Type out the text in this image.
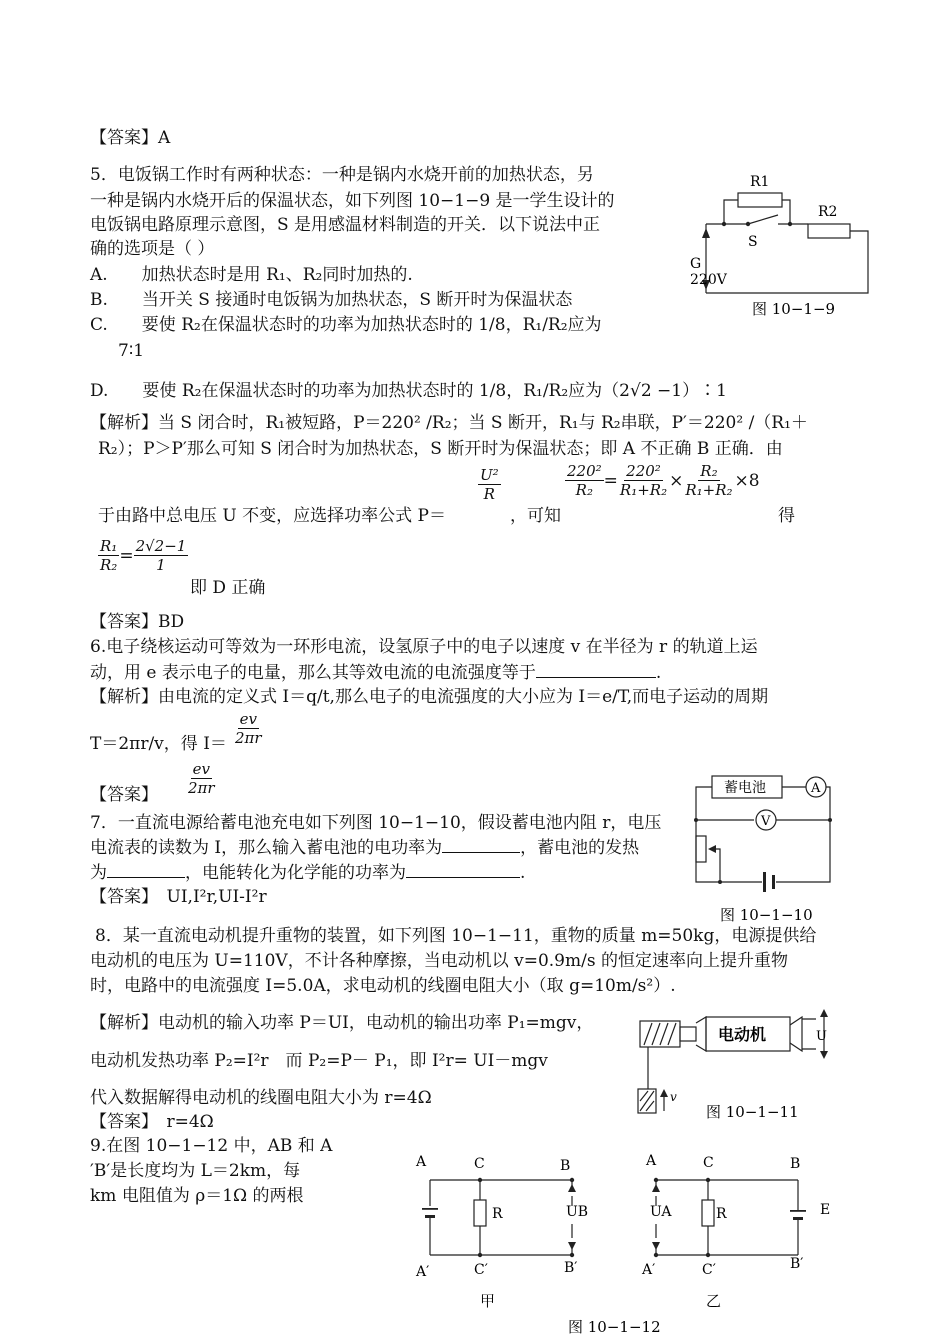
【答案】A
5．电饭锅工作时有两种状态：一种是锅内水烧开前的加热状态，另
一种是锅内水烧开后的保温状态，如下列图 10−1−9 是一学生设计的
电饭锅电路原理示意图，S 是用感温材料制造的开关．以下说法中正
确的选项是（ ）
A.　　加热状态时是用 R₁、R₂同时加热的.
B.　　当开关 S 接通时电饭锅为加热状态，S 断开时为保温状态
C.　　要使 R₂在保温状态时的功率为加热状态时的 1/8，R₁/R₂应为
7∶1
D.　　要使 R₂在保温状态时的功率为加热状态时的 1/8，R₁/R₂应为（2√2 −1）∶1
【解析】当 S 闭合时，R₁被短路，P＝220² /R₂；当 S 断开，R₁与 R₂串联，P′＝220² /（R₁＋
R₂）；P＞P′那么可知 S 闭合时为加热状态，S 断开时为保温状态；即 A 不正确 B 正确．由
于由路中总电压 U 不变，应选择功率公式 P＝
$\frac{\text{U²}}{R}$
，可知
$\frac{\text{220²}}{\text{R₂}} = \frac{\text{220²}}{\text{R₁+R₂}} \times \frac{\text{R₂}}{\text{R₁+R₂}} \times 8$
得
$\frac{\text{R₁}}{\text{R₂}} = \frac{2√2-1}{1}$
即 D 正确
【答案】BD
R1
R2
S
G
220V
图 10−1−9
6.电子绕核运动可等效为一环形电流，设氢原子中的电子以速度 v 在半径为 r 的轨道上运
动，用 e 表示电子的电量，那么其等效电流的电流强度等于	.
【解析】由电流的定义式 I＝q/t,那么电子的电流强度的大小应为 I＝e/T,而电子运动的周期
T＝2πr/v，得 $I= \frac{ev}{2\pi r}$
【答案】 $\frac{ev}{2\pi r}$
7．一直流电源给蓄电池充电如下列图 10−1−10，假设蓄电池内阻 r，电压
电流表的读数为 I，那么输入蓄电池的电功率为	，蓄电池的发热
为	，电能转化为化学能的功率为	.
【答案】　UI,I²r,UI-I²r
蓄电池	A
V
图 10−1−10
8．某一直流电动机提升重物的装置，如下列图 10−1−11，重物的质量 m=50kg，电源提供给
电动机的电压为 U=110V，不计各种摩擦，当电动机以 v=0.9m/s 的恒定速率向上提升重物
时，电路中的电流强度 I=5.0A，求电动机的线圈电阻大小（取 g=10m/s²）.
【解析】电动机的输入功率 P＝UI，电动机的输出功率 P₁=mgv，
电动机发热功率 P₂=I²r　而 P₂=P－ P₁，即 I²r= UI－mgv
代入数据解得电动机的线圈电阻大小为 r=4Ω
【答案】　r=4Ω
电动机	U
v
图 10−1−11
9.在图 10−1−12 中，AB 和 A
′B′是长度均为 L＝2km，每
km 电阻值为 ρ＝1Ω 的两根
A	C	B
R	UB
A′	C′	B′
A	C	B
R
UA	E
A′	C′	B′
甲	乙
图 10−1−12
